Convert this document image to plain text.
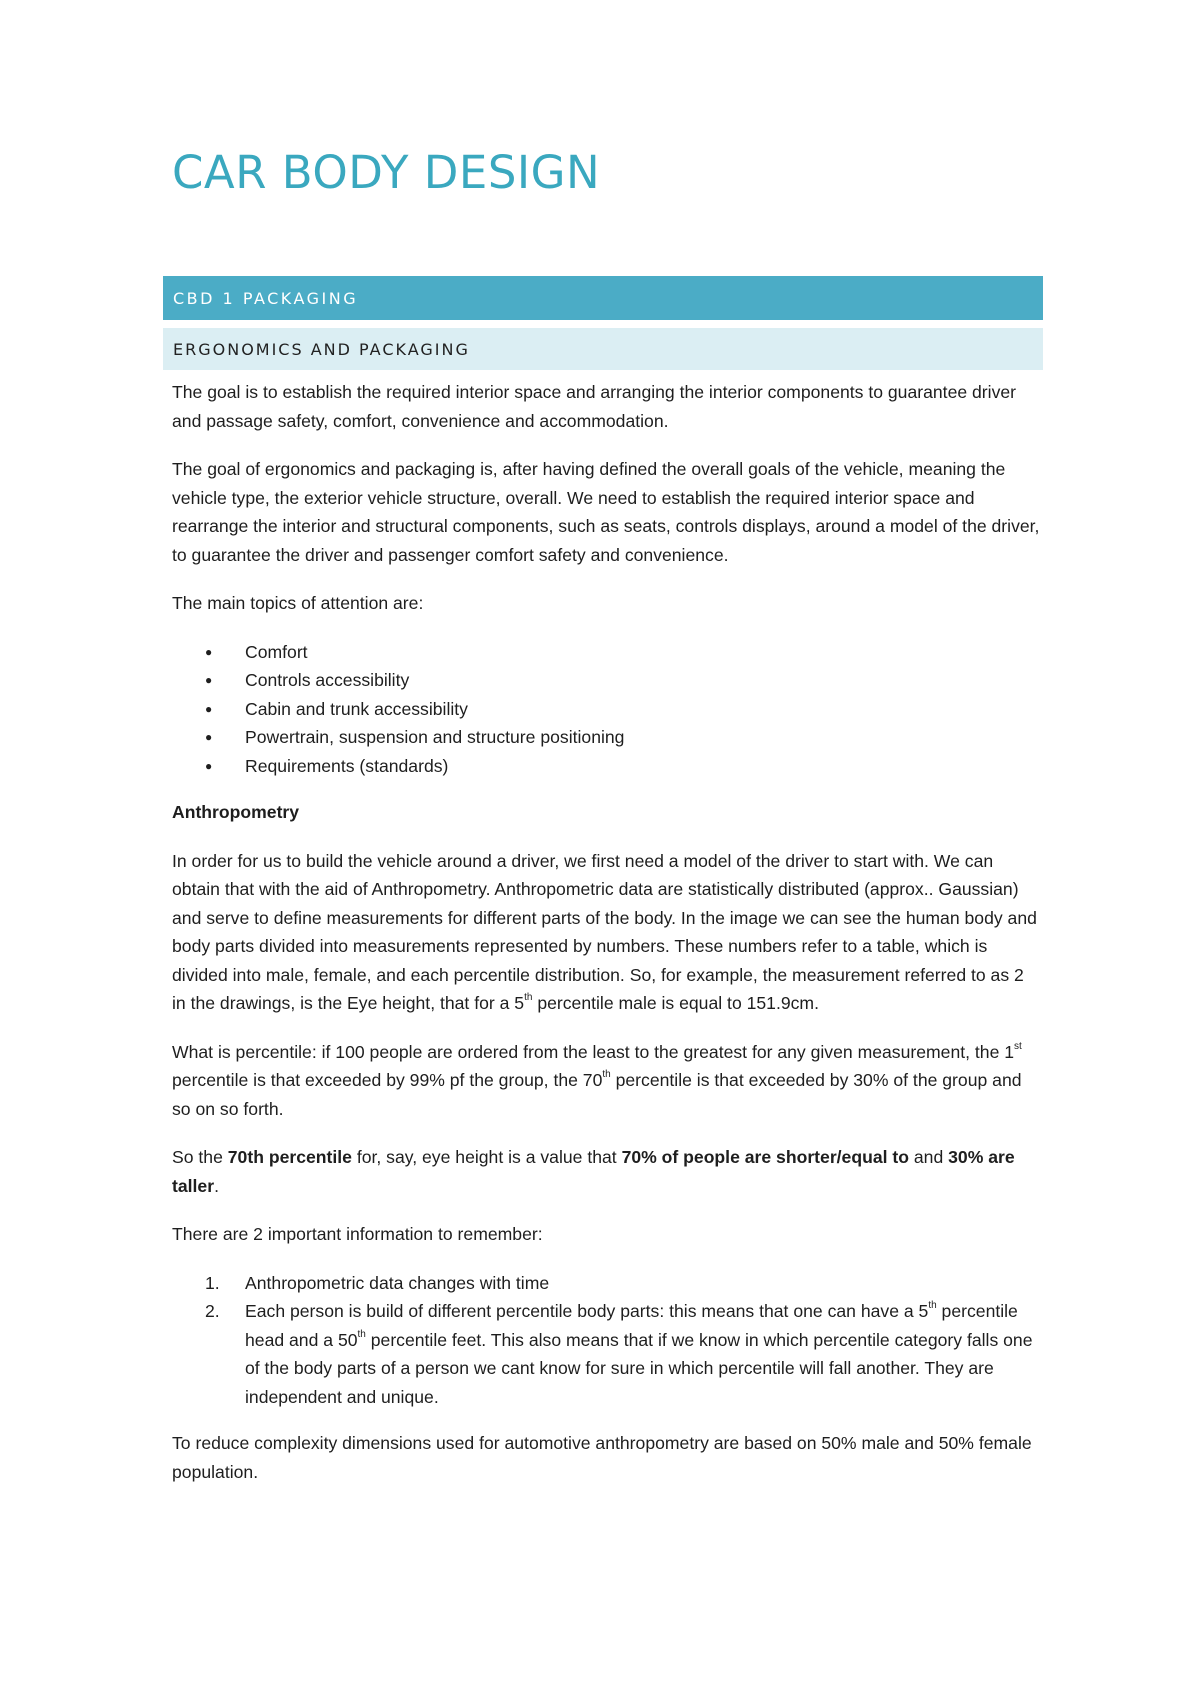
CAR BODY DESIGN
CBD 1 PACKAGING
ERGONOMICS AND PACKAGING

The goal is to establish the required interior space and arranging the interior components to guarantee driver and passage safety, comfort, convenience and accommodation.

The goal of ergonomics and packaging is, after having defined the overall goals of the vehicle, meaning the vehicle type, the exterior vehicle structure, overall. We need to establish the required interior space and rearrange the interior and structural components, such as seats, controls displays, around a model of the driver, to guarantee the driver and passenger comfort safety and convenience.

The main topics of attention are:

● Comfort
● Controls accessibility
● Cabin and trunk accessibility
● Powertrain, suspension and structure positioning
● Requirements (standards)

Anthropometry

In order for us to build the vehicle around a driver, we first need a model of the driver to start with. We can obtain that with the aid of Anthropometry. Anthropometric data are statistically distributed (approx.. Gaussian) and serve to define measurements for different parts of the body. In the image we can see the human body and body parts divided into measurements represented by numbers. These numbers refer to a table, which is divided into male, female, and each percentile distribution. So, for example, the measurement referred to as 2 in the drawings, is the Eye height, that for a 5th percentile male is equal to 151.9cm.

What is percentile: if 100 people are ordered from the least to the greatest for any given measurement, the 1st percentile is that exceeded by 99% pf the group, the 70th percentile is that exceeded by 30% of the group and so on so forth.

So the 70th percentile for, say, eye height is a value that 70% of people are shorter/equal to and 30% are taller.

There are 2 important information to remember:

1. Anthropometric data changes with time
2. Each person is build of different percentile body parts: this means that one can have a 5th percentile head and a 50th percentile feet. This also means that if we know in which percentile category falls one of the body parts of a person we cant know for sure in which percentile will fall another. They are independent and unique.

To reduce complexity dimensions used for automotive anthropometry are based on 50% male and 50% female population.
